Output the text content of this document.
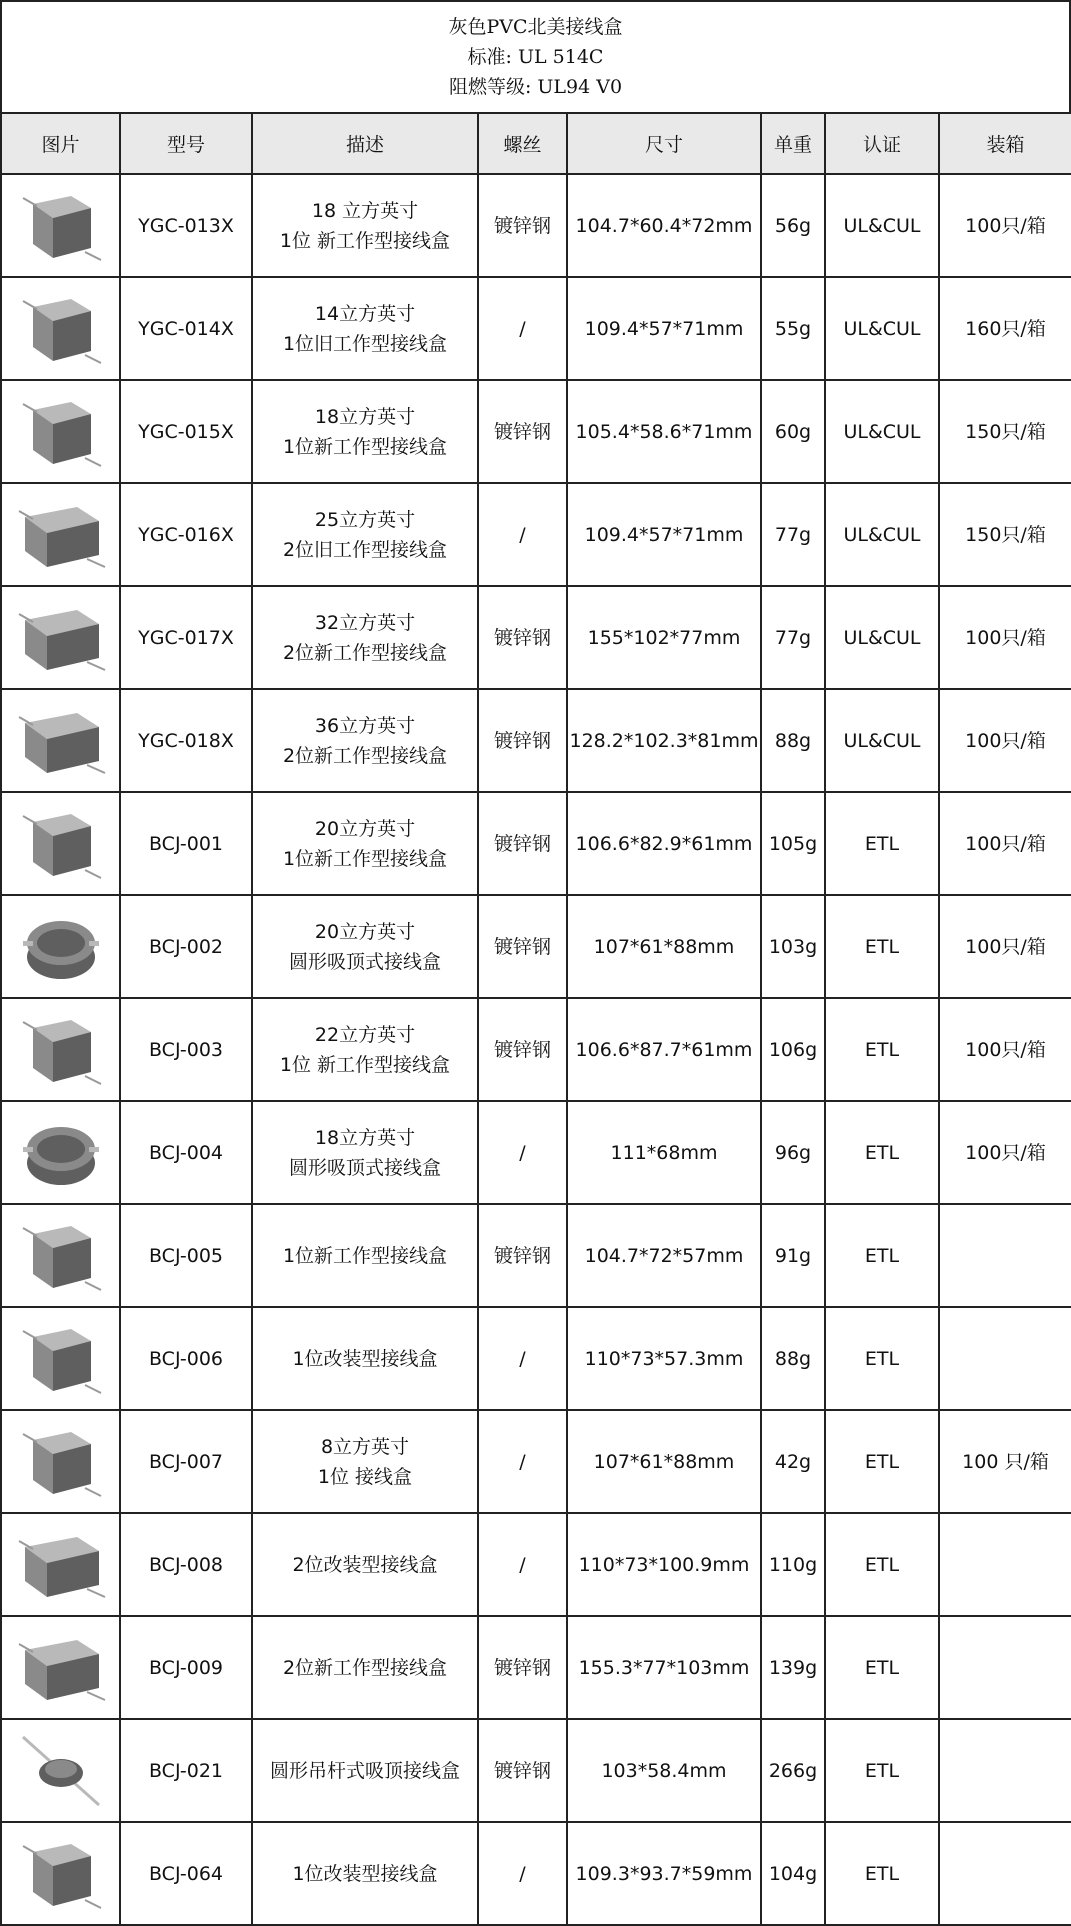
灰色PVC北美接线盒
标准: UL 514C
阻燃等级: UL94 V0
图片	型号	描述	螺丝	尺寸	单重	认证	装箱

	YGC-013X	18 立方英寸
1位 新工作型接线盒	镀锌钢	104.7*60.4*72mm	56g	UL&CUL	100只/箱

	YGC-014X	14立方英寸
1位旧工作型接线盒	/	109.4*57*71mm	55g	UL&CUL	160只/箱

	YGC-015X	18立方英寸
1位新工作型接线盒	镀锌钢	105.4*58.6*71mm	60g	UL&CUL	150只/箱

	YGC-016X	25立方英寸
2位旧工作型接线盒	/	109.4*57*71mm	77g	UL&CUL	150只/箱

	YGC-017X	32立方英寸
2位新工作型接线盒	镀锌钢	155*102*77mm	77g	UL&CUL	100只/箱

	YGC-018X	36立方英寸
2位新工作型接线盒	镀锌钢	128.2*102.3*81mm	88g	UL&CUL	100只/箱

	BCJ-001	20立方英寸
1位新工作型接线盒	镀锌钢	106.6*82.9*61mm	105g	ETL	100只/箱

	BCJ-002	20立方英寸
圆形吸顶式接线盒	镀锌钢	107*61*88mm	103g	ETL	100只/箱

	BCJ-003	22立方英寸
1位 新工作型接线盒	镀锌钢	106.6*87.7*61mm	106g	ETL	100只/箱

	BCJ-004	18立方英寸
圆形吸顶式接线盒	/	111*68mm	96g	ETL	100只/箱

	BCJ-005	1位新工作型接线盒	镀锌钢	104.7*72*57mm	91g	ETL	

	BCJ-006	1位改装型接线盒	/	110*73*57.3mm	88g	ETL	

	BCJ-007	8立方英寸
1位 接线盒	/	107*61*88mm	42g	ETL	100 只/箱

	BCJ-008	2位改装型接线盒	/	110*73*100.9mm	110g	ETL	

	BCJ-009	2位新工作型接线盒	镀锌钢	155.3*77*103mm	139g	ETL	

	BCJ-021	圆形吊杆式吸顶接线盒	镀锌钢	103*58.4mm	266g	ETL	

	BCJ-064	1位改装型接线盒	/	109.3*93.7*59mm	104g	ETL	
